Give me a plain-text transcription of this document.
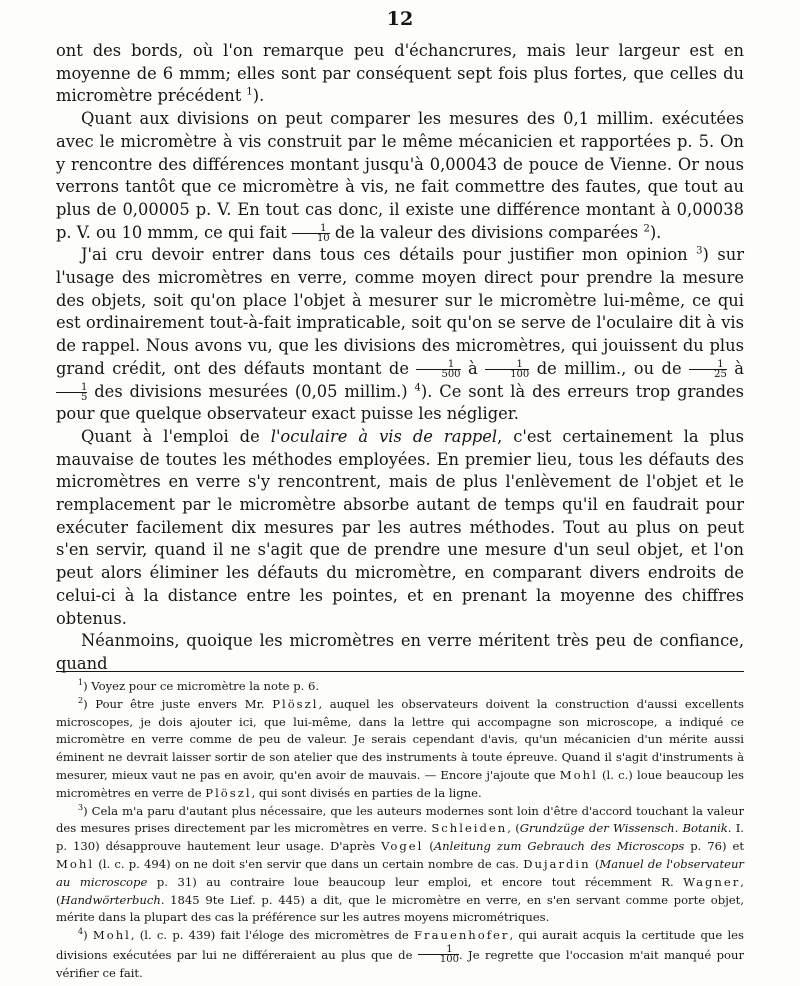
12

ont des bords, où l'on remarque peu d'échancrures, mais leur largeur est en moyenne de 6 mmm; elles sont par conséquent sept fois plus fortes, que celles du micromètre précédent $^1$).

Quant aux divisions on peut comparer les mesures des 0,1 millim. exécutées avec le micromètre à vis construit par le même mécanicien et rapportées p. 5. On y rencontre des différences montant jusqu'à 0,00043 de pouce de Vienne. Or nous verrons tantôt que ce micromètre à vis, ne fait commettre des fautes, que tout au plus de 0,00005 p. V. En tout cas donc, il existe une différence montant à 0,00038 p. V. ou 10 mmm, ce qui fait $\frac{1}{10}$ de la valeur des divisions comparées $^2$).

J'ai cru devoir entrer dans tous ces détails pour justifier mon opinion $^3$) sur l'usage des micromètres en verre, comme moyen direct pour prendre la mesure des objets, soit qu'on place l'objet à mesurer sur le micromètre lui-même, ce qui est ordinairement tout-à-fait impraticable, soit qu'on se serve de l'oculaire dit à vis de rappel. Nous avons vu, que les divisions des micromètres, qui jouissent du plus grand crédit, ont des défauts montant de $\frac{1}{500}$ à $\frac{1}{100}$ de millim., ou de $\frac{1}{25}$ à
$\frac{1}{5}$ des divisions mesurées (0,05 millim.) $^4$). Ce sont là des erreurs trop grandes pour que quelque observateur exact puisse les négliger.

Quant à l'emploi de l'oculaire à vis de rappel, c'est certainement la plus mauvaise de toutes les méthodes employées. En premier lieu, tous les défauts des micromètres en verre s'y rencontrent, mais de plus l'enlèvement de l'objet et le remplacement par le micromètre absorbe autant de temps qu'il en faudrait pour exécuter facilement dix mesures par les autres méthodes. Tout au plus on peut s'en servir, quand il ne s'agit que de prendre une mesure d'un seul objet, et l'on peut alors éliminer les défauts du micromètre, en comparant divers endroits de celui-ci à la distance entre les pointes, et en prenant la moyenne des chiffres obtenus.

Néanmoins, quoique les micromètres en verre méritent très peu de confiance, quand

$^1$) Voyez pour ce micromètre la note p. 6.

$^2$) Pour être juste envers Mr. Plöszl, auquel les observateurs doivent la construction d'aussi excellents microscopes, je dois ajouter ici, que lui-même, dans la lettre qui accompagne son microscope, a indiqué ce micromètre en verre comme de peu de valeur. Je serais cependant d'avis, qu'un mécanicien d'un mérite aussi éminent ne devrait laisser sortir de son atelier que des instruments à toute épreuve. Quand il s'agit d'instruments à mesurer, mieux vaut ne pas en avoir, qu'en avoir de mauvais. — Encore j'ajoute que Mohl (l. c.) loue beaucoup les micromètres en verre de Plöszl, qui sont divisés en parties de la ligne.

$^3$) Cela m'a paru d'autant plus nécessaire, que les auteurs modernes sont loin d'être d'accord touchant la valeur des mesures prises directement par les micromètres en verre. Schleiden, (Grundzüge der Wissensch. Botanik. I. p. 130) désapprouve hautement leur usage. D'après Vogel (Anleitung zum Gebrauch des Microscops p. 76) et Mohl (l. c. p. 494) on ne doit s'en servir que dans un certain nombre de cas. Dujardin (Manuel de l'observateur au microscope p. 31) au contraire loue beaucoup leur emploi, et encore tout récemment R. Wagner, (Handwörterbuch. 1845 9te Lief. p. 445) a dit, que le micromètre en verre, en s'en servant comme porte objet, mérite dans la plupart des cas la préférence sur les autres moyens micrométriques.

$^4$) Mohl, (l. c. p. 439) fait l'éloge des micromètres de Frauenhofer, qui aurait acquis la certitude que les divisions exécutées par lui ne différeraient au plus que de $\frac{1}{100}$ . Je regrette que l'occasion m'ait manqué pour vérifier ce fait.
